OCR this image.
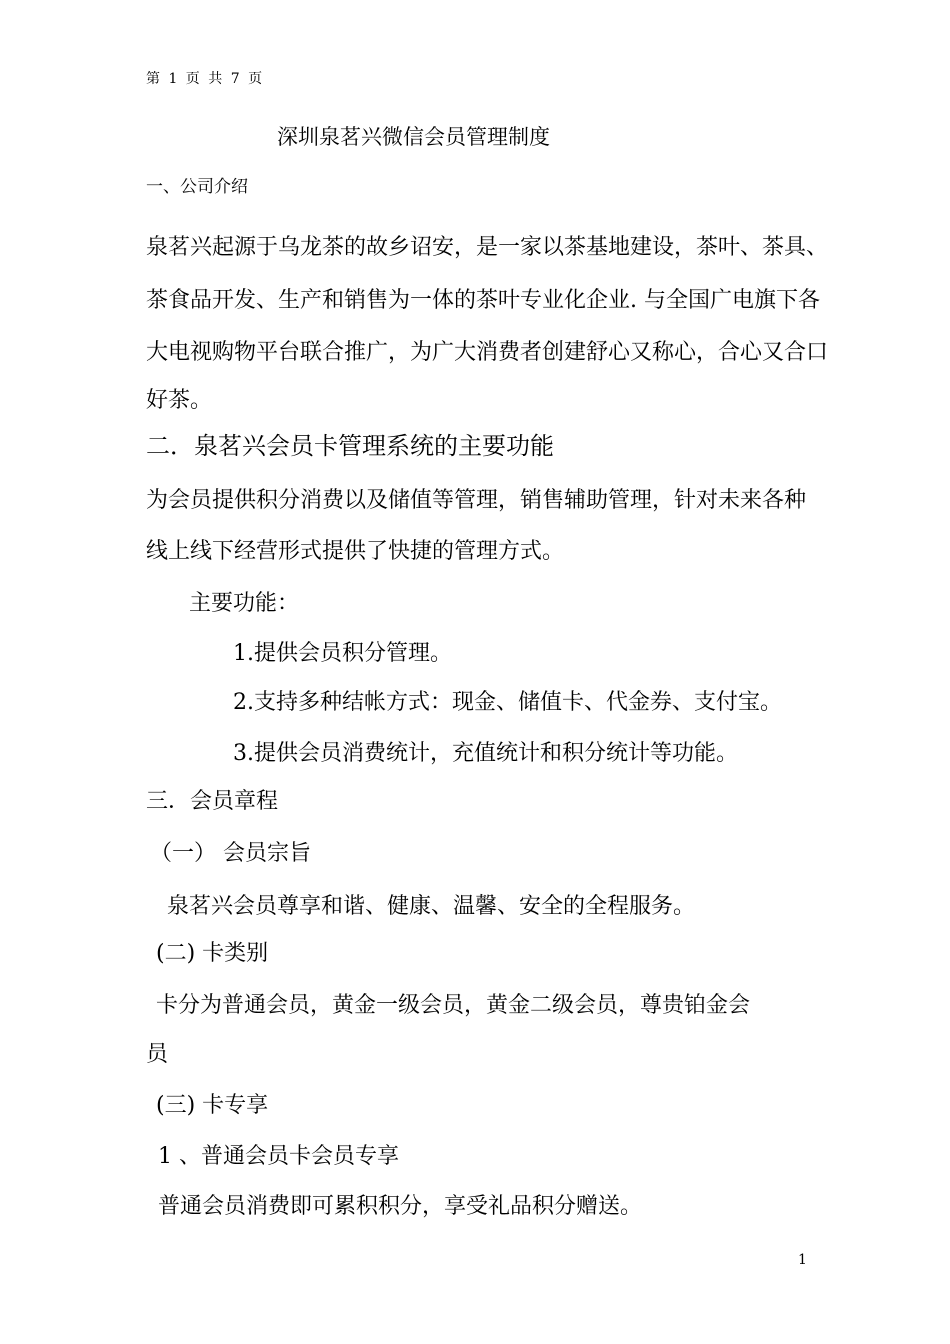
第 1 页 共 7 页
深圳泉茗兴微信会员管理制度
一、公司介绍
泉茗兴起源于乌龙茶的故乡诏安，是一家以茶基地建设，茶叶、茶具、
茶食品开发、生产和销售为一体的茶叶专业化企业. 与全国广电旗下各
大电视购物平台联合推广，为广大消费者创建舒心又称心，合心又合口
好茶。
二．泉茗兴会员卡管理系统的主要功能
为会员提供积分消费以及储值等管理，销售辅助管理，针对未来各种
线上线下经营形式提供了快捷的管理方式。
主要功能：
1.提供会员积分管理。
2.支持多种结帐方式：现金、储值卡、代金券、支付宝。
3.提供会员消费统计，充值统计和积分统计等功能。
三．会员章程
（一） 会员宗旨
泉茗兴会员尊享和谐、健康、温馨、安全的全程服务。
(二) 卡类别
卡分为普通会员，黄金一级会员，黄金二级会员，尊贵铂金会
员
(三) 卡专享
1 、普通会员卡会员专享
普通会员消费即可累积积分，享受礼品积分赠送。
1
